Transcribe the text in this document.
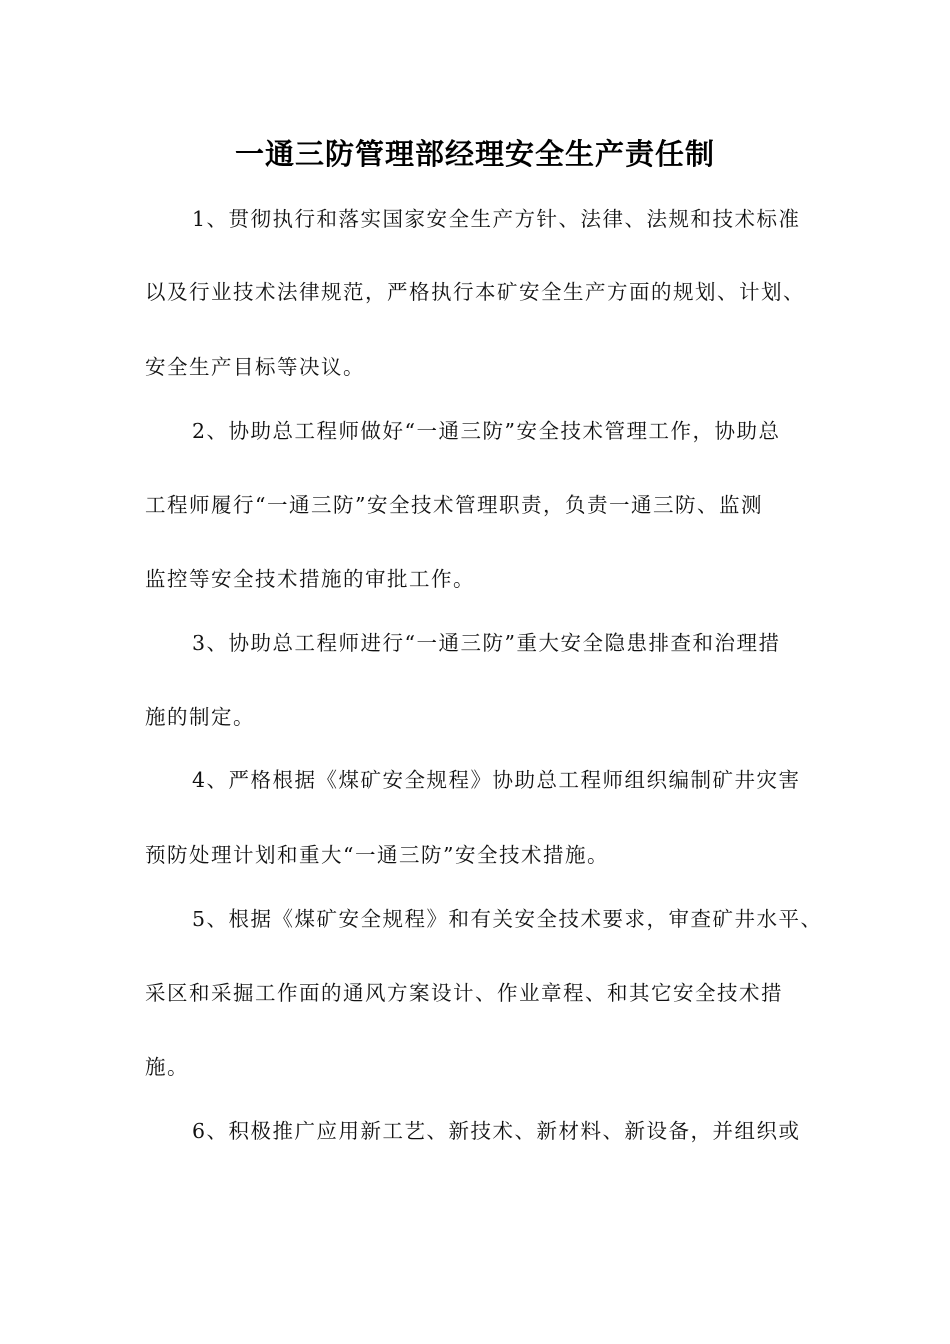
一通三防管理部经理安全生产责任制
1、贯彻执行和落实国家安全生产方针、法律、法规和技术标准
以及行业技术法律规范，严格执行本矿安全生产方面的规划、计划、
安全生产目标等决议。
2、协助总工程师做好“一通三防”安全技术管理工作，协助总
工程师履行“一通三防”安全技术管理职责，负责一通三防、监测
监控等安全技术措施的审批工作。
3、协助总工程师进行“一通三防”重大安全隐患排查和治理措
施的制定。
4、严格根据《煤矿安全规程》协助总工程师组织编制矿井灾害
预防处理计划和重大“一通三防”安全技术措施。
5、根据《煤矿安全规程》和有关安全技术要求，审查矿井水平、
采区和采掘工作面的通风方案设计、作业章程、和其它安全技术措
施。
6、积极推广应用新工艺、新技术、新材料、新设备，并组织或
